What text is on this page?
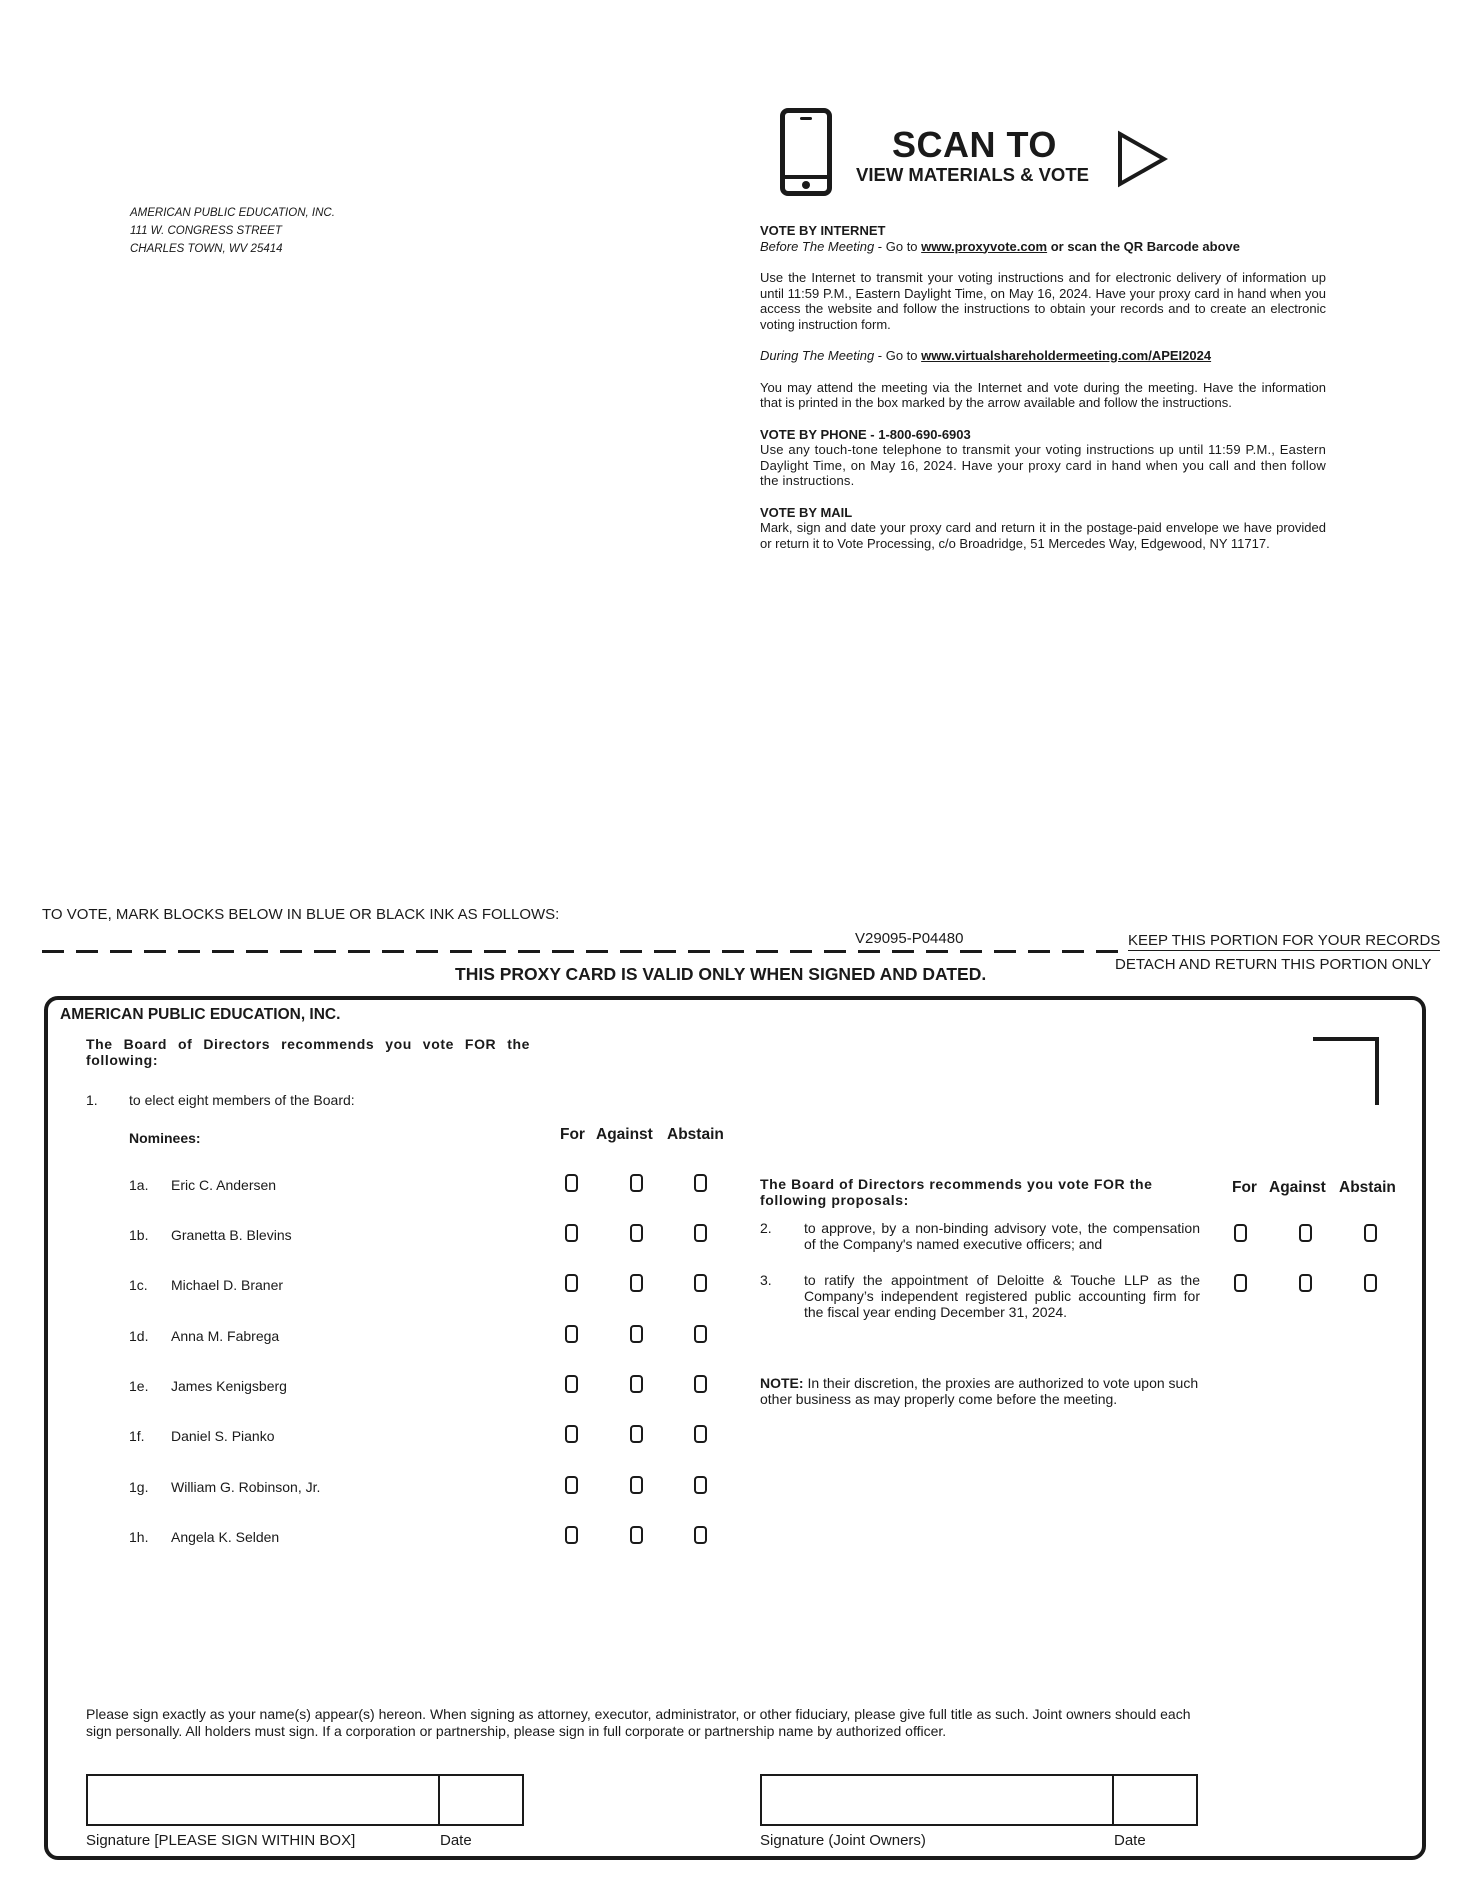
AMERICAN PUBLIC EDUCATION, INC.
111 W. CONGRESS STREET
CHARLES TOWN, WV 25414
SCAN TO
VIEW MATERIALS & VOTE

VOTE BY INTERNET

Before The Meeting - Go to www.proxyvote.com or scan the QR Barcode above

Use the Internet to transmit your voting instructions and for electronic delivery of information up until 11:59 P.M., Eastern Daylight Time, on May 16, 2024. Have your proxy card in hand when you access the website and follow the instructions to obtain your records and to create an electronic voting instruction form.

During The Meeting - Go to www.virtualshareholdermeeting.com/APEI2024

You may attend the meeting via the Internet and vote during the meeting. Have the information that is printed in the box marked by the arrow available and follow the instructions.

VOTE BY PHONE - 1-800-690-6903

Use any touch-tone telephone to transmit your voting instructions up until 11:59 P.M., Eastern Daylight Time, on May 16, 2024. Have your proxy card in hand when you call and then follow the instructions.

VOTE BY MAIL

Mark, sign and date your proxy card and return it in the postage-paid envelope we have provided or return it to Vote Processing, c/o Broadridge, 51 Mercedes Way, Edgewood, NY 11717.

TO VOTE, MARK BLOCKS BELOW IN BLUE OR BLACK INK AS FOLLOWS:
V29095-P04480	KEEP THIS PORTION FOR YOUR RECORDS
DETACH AND RETURN THIS PORTION ONLY
THIS PROXY CARD IS VALID ONLY WHEN SIGNED AND DATED.
AMERICAN PUBLIC EDUCATION, INC.
The Board of Directors recommends you vote FOR the following:
1. to elect eight members of the Board:
Nominees:	For Against Abstain
1a. Eric C. Andersen
1b. Granetta B. Blevins
1c. Michael D. Braner
1d. Anna M. Fabrega
1e. James Kenigsberg
1f. Daniel S. Pianko
1g. William G. Robinson, Jr.
1h. Angela K. Selden
The Board of Directors recommends you vote FOR the following proposals:
For Against Abstain
2. to approve, by a non-binding advisory vote, the compensation of the Company's named executive officers; and
3. to ratify the appointment of Deloitte & Touche LLP as the Company’s independent registered public accounting firm for the fiscal year ending December 31, 2024.
NOTE: In their discretion, the proxies are authorized to vote upon such other business as may properly come before the meeting.
Please sign exactly as your name(s) appear(s) hereon. When signing as attorney, executor, administrator, or other fiduciary, please give full title as such. Joint owners should each sign personally. All holders must sign. If a corporation or partnership, please sign in full corporate or partnership name by authorized officer.
Signature [PLEASE SIGN WITHIN BOX]	Date	Signature (Joint Owners)	Date
